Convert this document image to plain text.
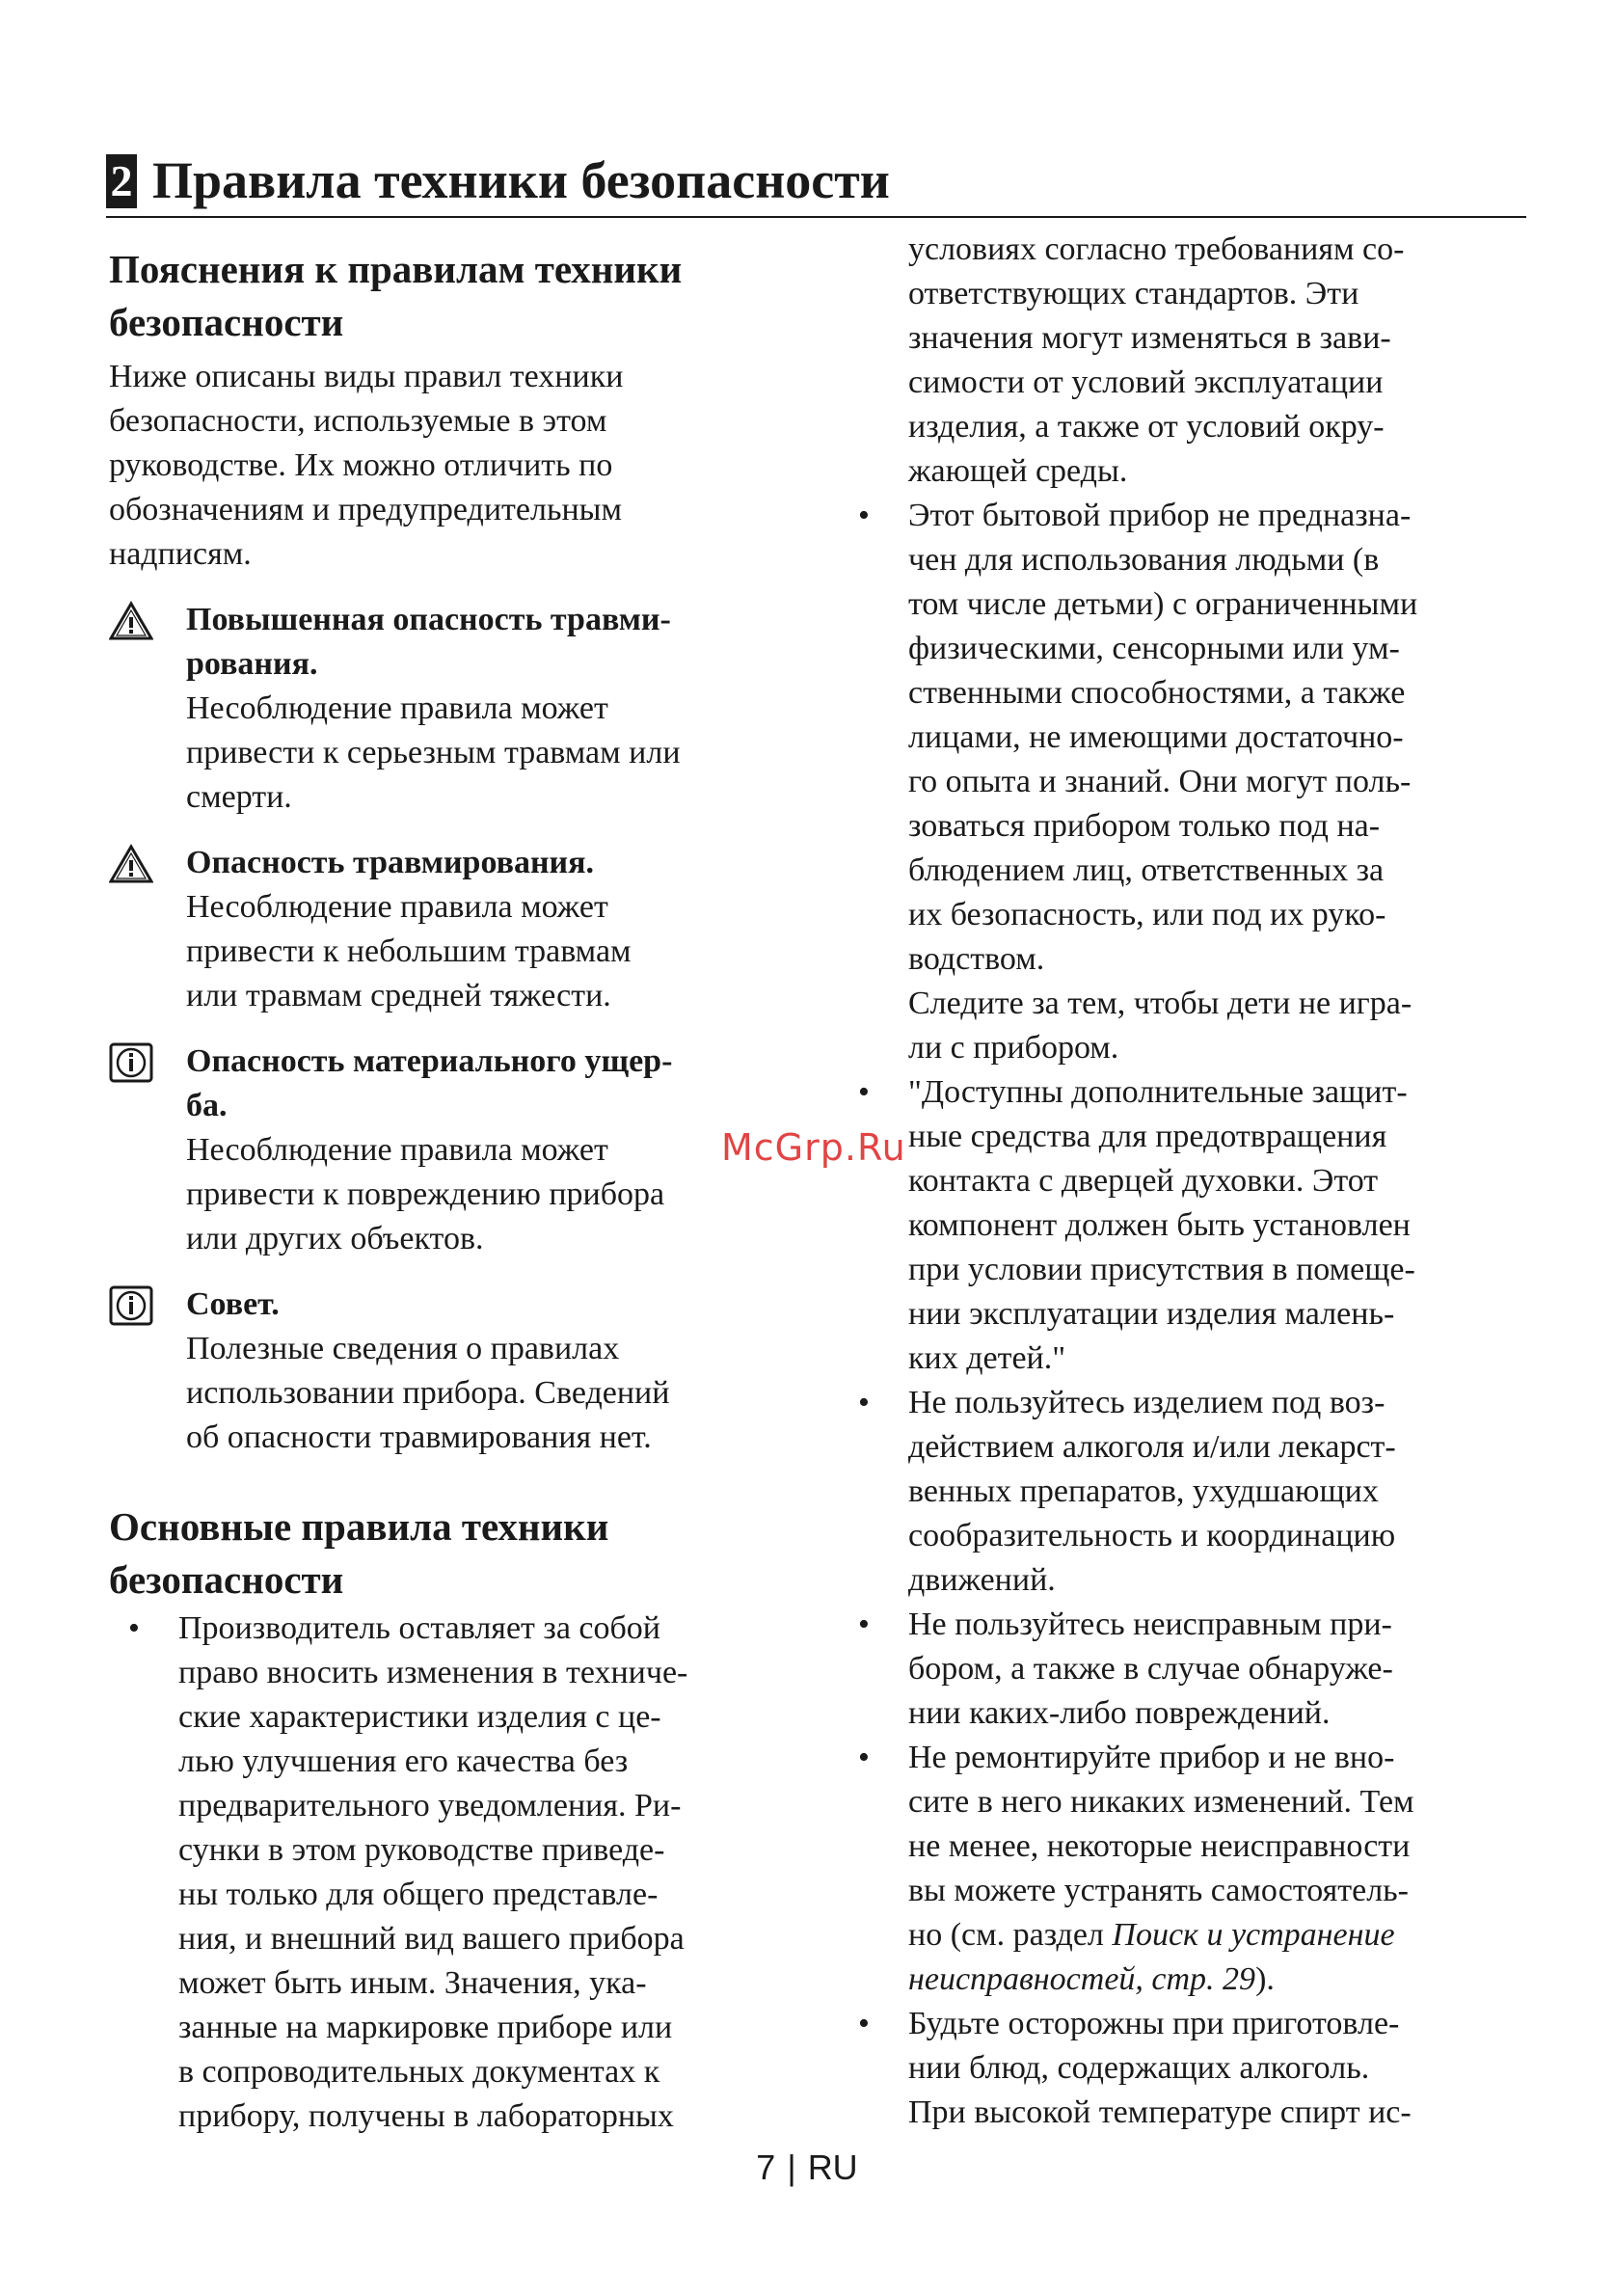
2 Правила техники безопасности
Пояснения к правилам техники
безопасности

Ниже описаны виды правил техники

безопасности, используемые в этом

руководстве. Их можно отличить по

обозначениям и предупредительным

надписям.

Повышенная опасность травми-

рования.

Несоблюдение правила может

привести к серьезным травмам или

смерти.

Опасность травмирования.

Несоблюдение правила может

привести к небольшим травмам

или травмам средней тяжести.

Опасность материального ущер-

ба.

Несоблюдение правила может

привести к повреждению прибора

или других объектов.

Совет.

Полезные сведения о правилах

использовании прибора. Сведений

об опасности травмирования нет.

Основные правила техники
безопасности
• Производитель оставляет за собой
право вносить изменения в техниче-
ские характеристики изделия с це-
лью улучшения его качества без
предварительного уведомления. Ри-
сунки в этом руководстве приведе-
ны только для общего представле-
ния, и внешний вид вашего прибора
может быть иным. Значения, ука-
занные на маркировке приборе или
в сопроводительных документах к
прибору, получены в лабораторных

условиях согласно требованиям со-

ответствующих стандартов. Эти

значения могут изменяться в зави-

симости от условий эксплуатации

изделия, а также от условий окру-

жающей среды.

• Этот бытовой прибор не предназна-
чен для использования людьми (в
том числе детьми) с ограниченными
физическими, сенсорными или ум-
ственными способностями, а также
лицами, не имеющими достаточно-
го опыта и знаний. Они могут поль-
зоваться прибором только под на-
блюдением лиц, ответственных за
их безопасность, или под их руко-
водством.
Следите за тем, чтобы дети не игра-
ли с прибором.
• "Доступны дополнительные защит-
ные средства для предотвращения
контакта с дверцей духовки. Этот
компонент должен быть установлен
при условии присутствия в помеще-
нии эксплуатации изделия малень-
ких детей."
• Не пользуйтесь изделием под воз-
действием алкоголя и/или лекарст-
венных препаратов, ухудшающих
сообразительность и координацию
движений.
• Не пользуйтесь неисправным при-
бором, а также в случае обнаруже-
нии каких-либо повреждений.
• Не ремонтируйте прибор и не вно-
сите в него никаких изменений. Тем
не менее, некоторые неисправности
вы можете устранять самостоятель-
но (см. раздел Поиск и устранение
неисправностей, стр. 29).
• Будьте осторожны при приготовле-
нии блюд, содержащих алкоголь.
При высокой температуре спирт ис-
McGrp.Ru
7 | RU
